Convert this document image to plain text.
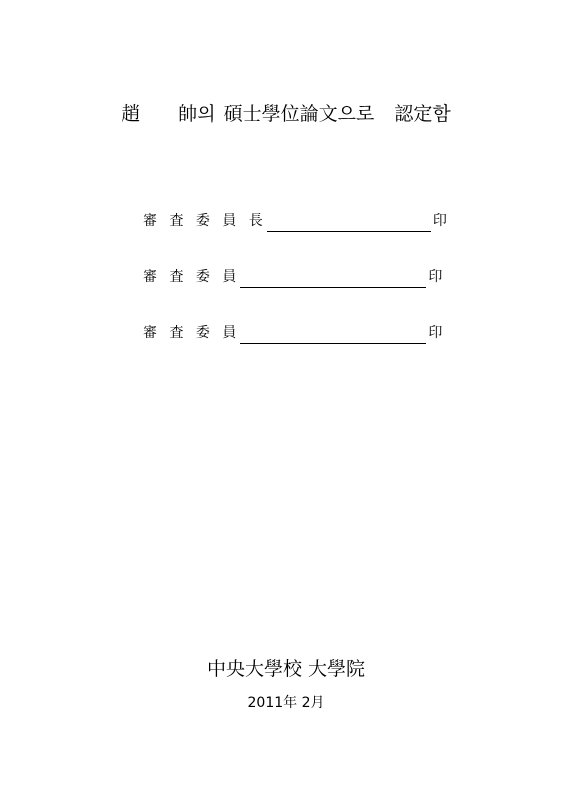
趙 帥의 碩士學位論文으로 認定함
審 査 委 員 長	印
審 査 委 員	印
審 査 委 員	印
中央大學校 大學院
2011年 2月
